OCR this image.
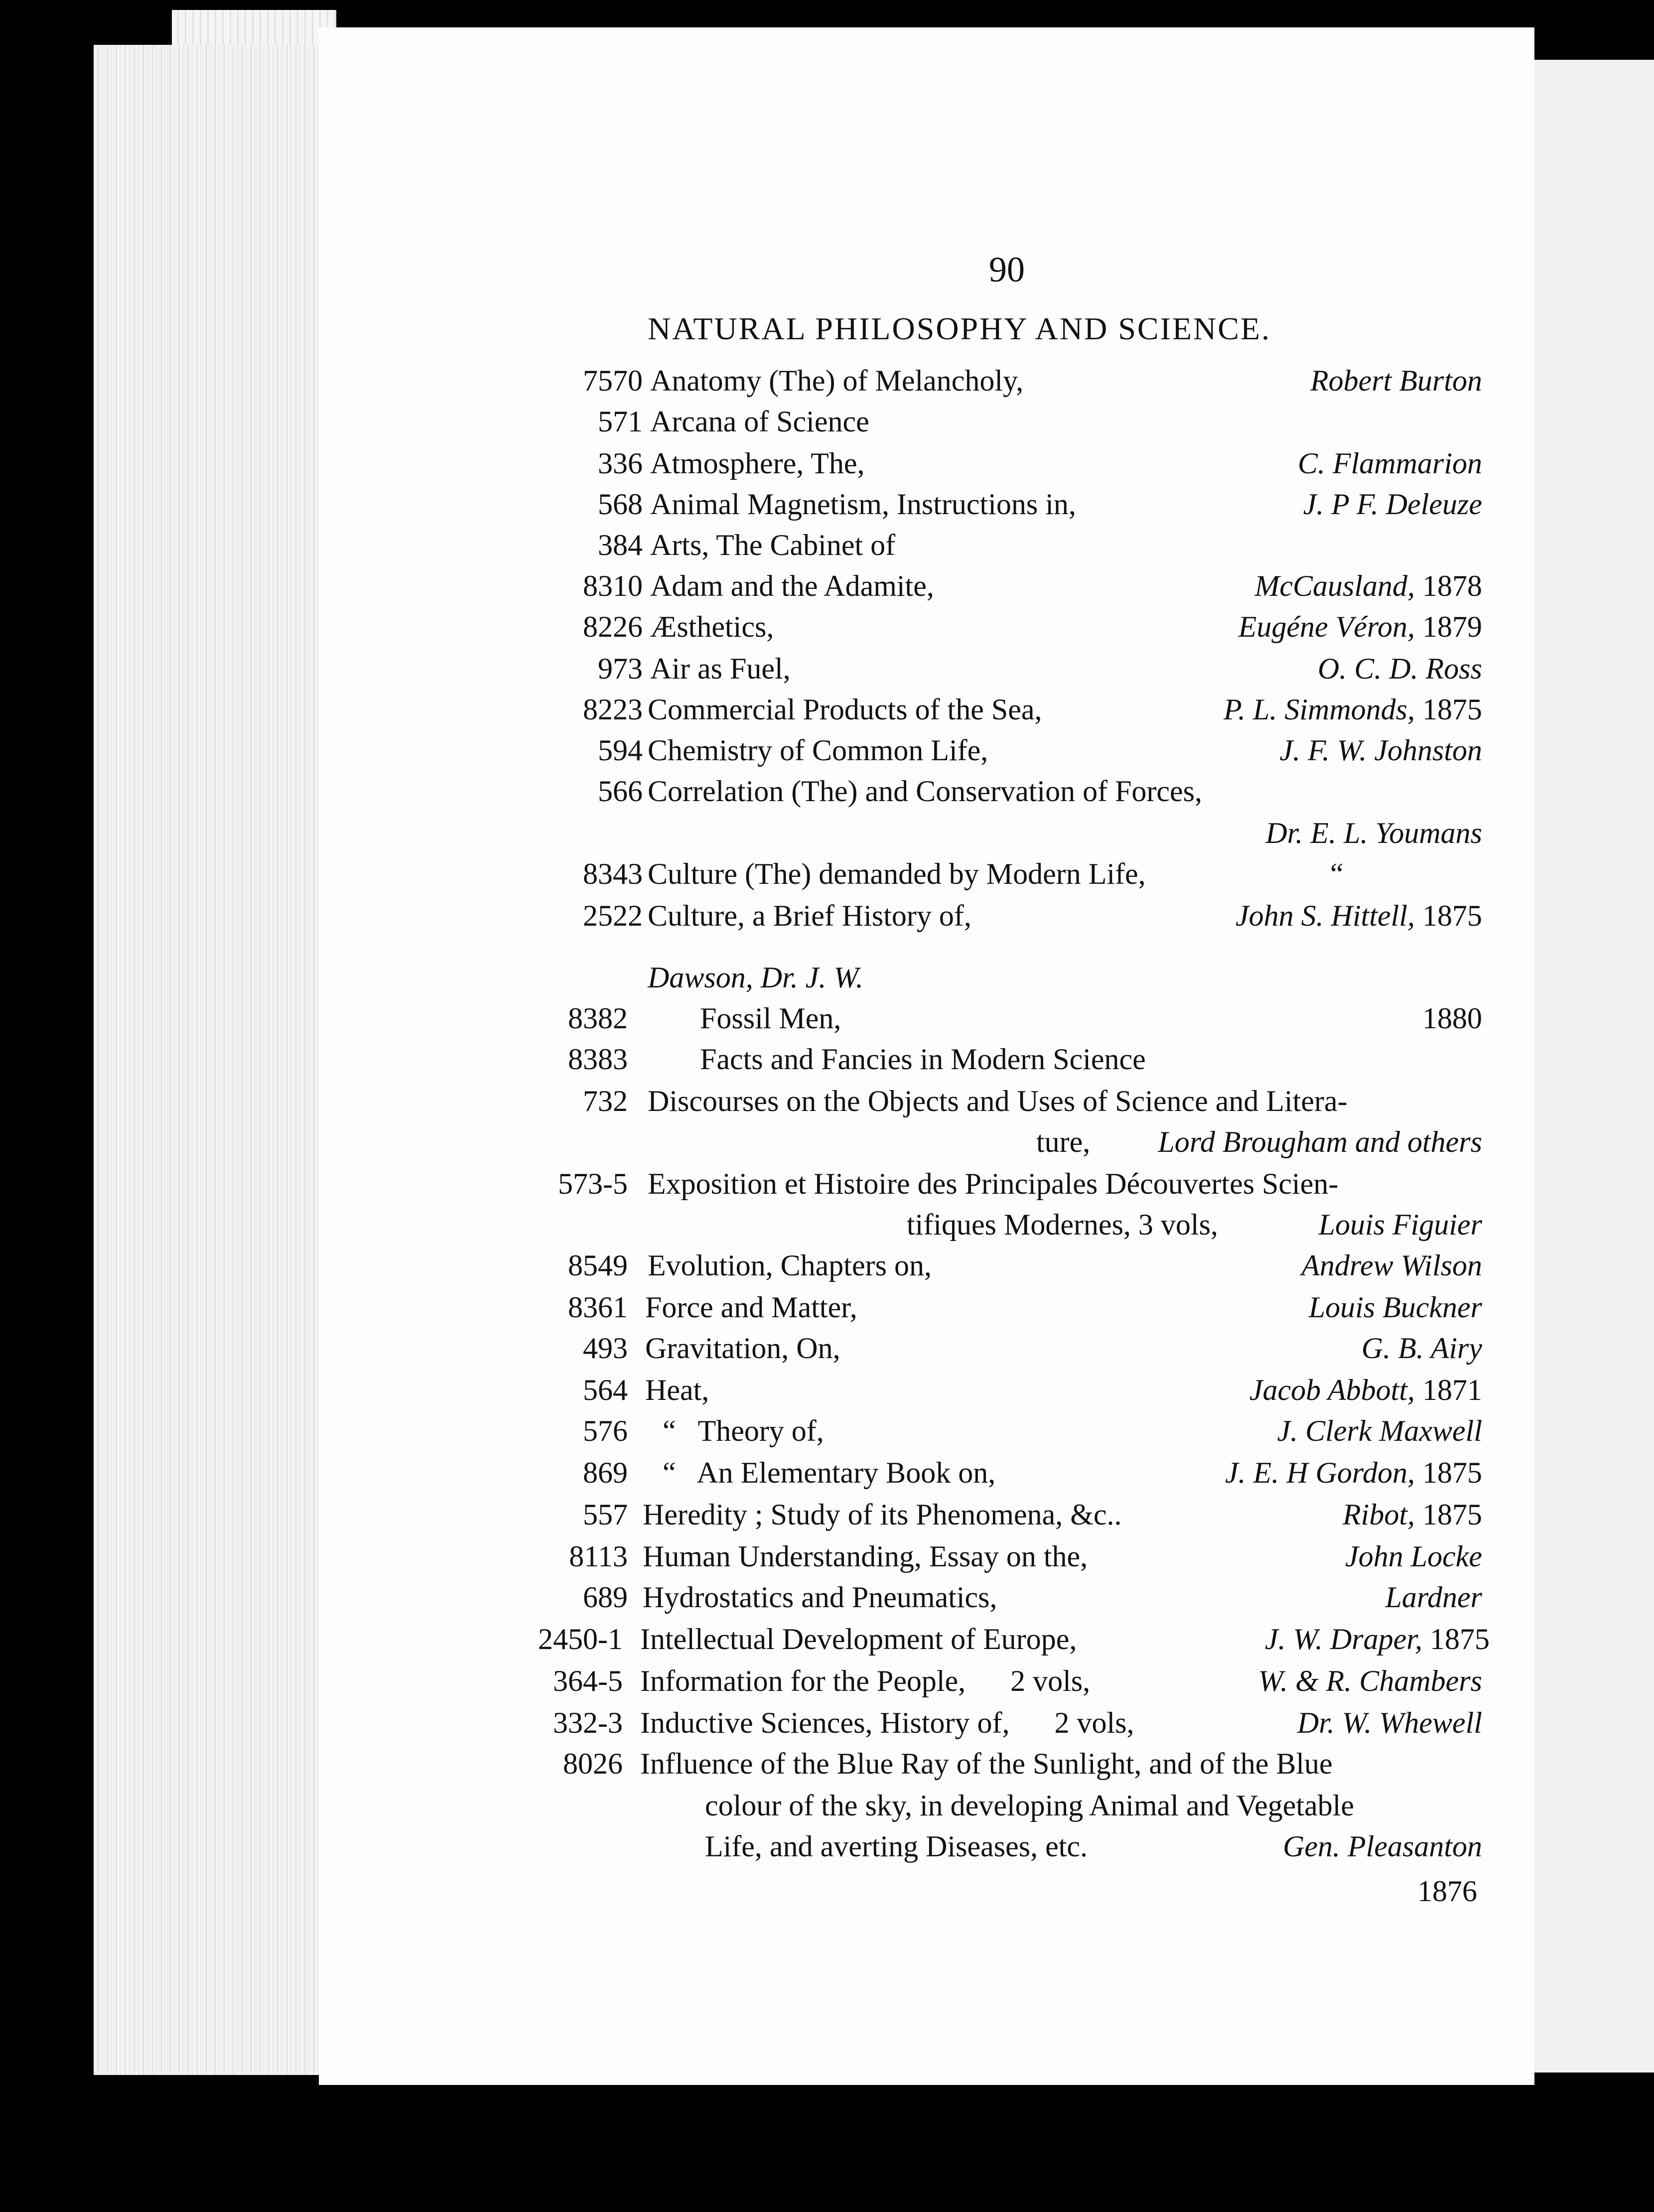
90
NATURAL PHILOSOPHY AND SCIENCE.
7570 Anatomy (The) of Melancholy,	Robert Burton
571 Arcana of Science
336 Atmosphere, The,	C. Flammarion
568 Animal Magnetism, Instructions in,	J. P F. Deleuze
384 Arts, The Cabinet of
8310 Adam and the Adamite,	McCausland, 1878
8226 Æsthetics,	Eugéne Véron, 1879
973 Air as Fuel,	O. C. D. Ross
8223 Commercial Products of the Sea,	P. L. Simmonds, 1875
594 Chemistry of Common Life,	J. F. W. Johnston
566 Correlation (The) and Conservation of Forces,
Dr. E. L. Youmans
8343 Culture (The) demanded by Modern Life,	“
2522 Culture, a Brief History of,	John S. Hittell, 1875
Dawson, Dr. J. W.
8382 Fossil Men,	1880
8383 Facts and Fancies in Modern Science
732 Discourses on the Objects and Uses of Science and Litera-
ture, Lord Brougham and others
573-5 Exposition et Histoire des Principales Découvertes Scien-
tifiques Modernes, 3 vols,	Louis Figuier
8549 Evolution, Chapters on,	Andrew Wilson
8361 Force and Matter,	Louis Buckner
493 Gravitation, On,	G. B. Airy
564 Heat,	Jacob Abbott, 1871
576 “   Theory of,	J. Clerk Maxwell
869 “   An Elementary Book on,	J. E. H Gordon, 1875
557 Heredity ; Study of its Phenomena, &c..	Ribot, 1875
8113 Human Understanding, Essay on the,	John Locke
689 Hydrostatics and Pneumatics,	Lardner
2450-1 Intellectual Development of Europe,	J. W. Draper, 1875
364-5 Information for the People,      2 vols,	W. & R. Chambers
332-3 Inductive Sciences, History of,      2 vols,	Dr. W. Whewell
8026 Influence of the Blue Ray of the Sunlight, and of the Blue
colour of the sky, in developing Animal and Vegetable
Life, and averting Diseases, etc.	Gen. Pleasanton
1876
